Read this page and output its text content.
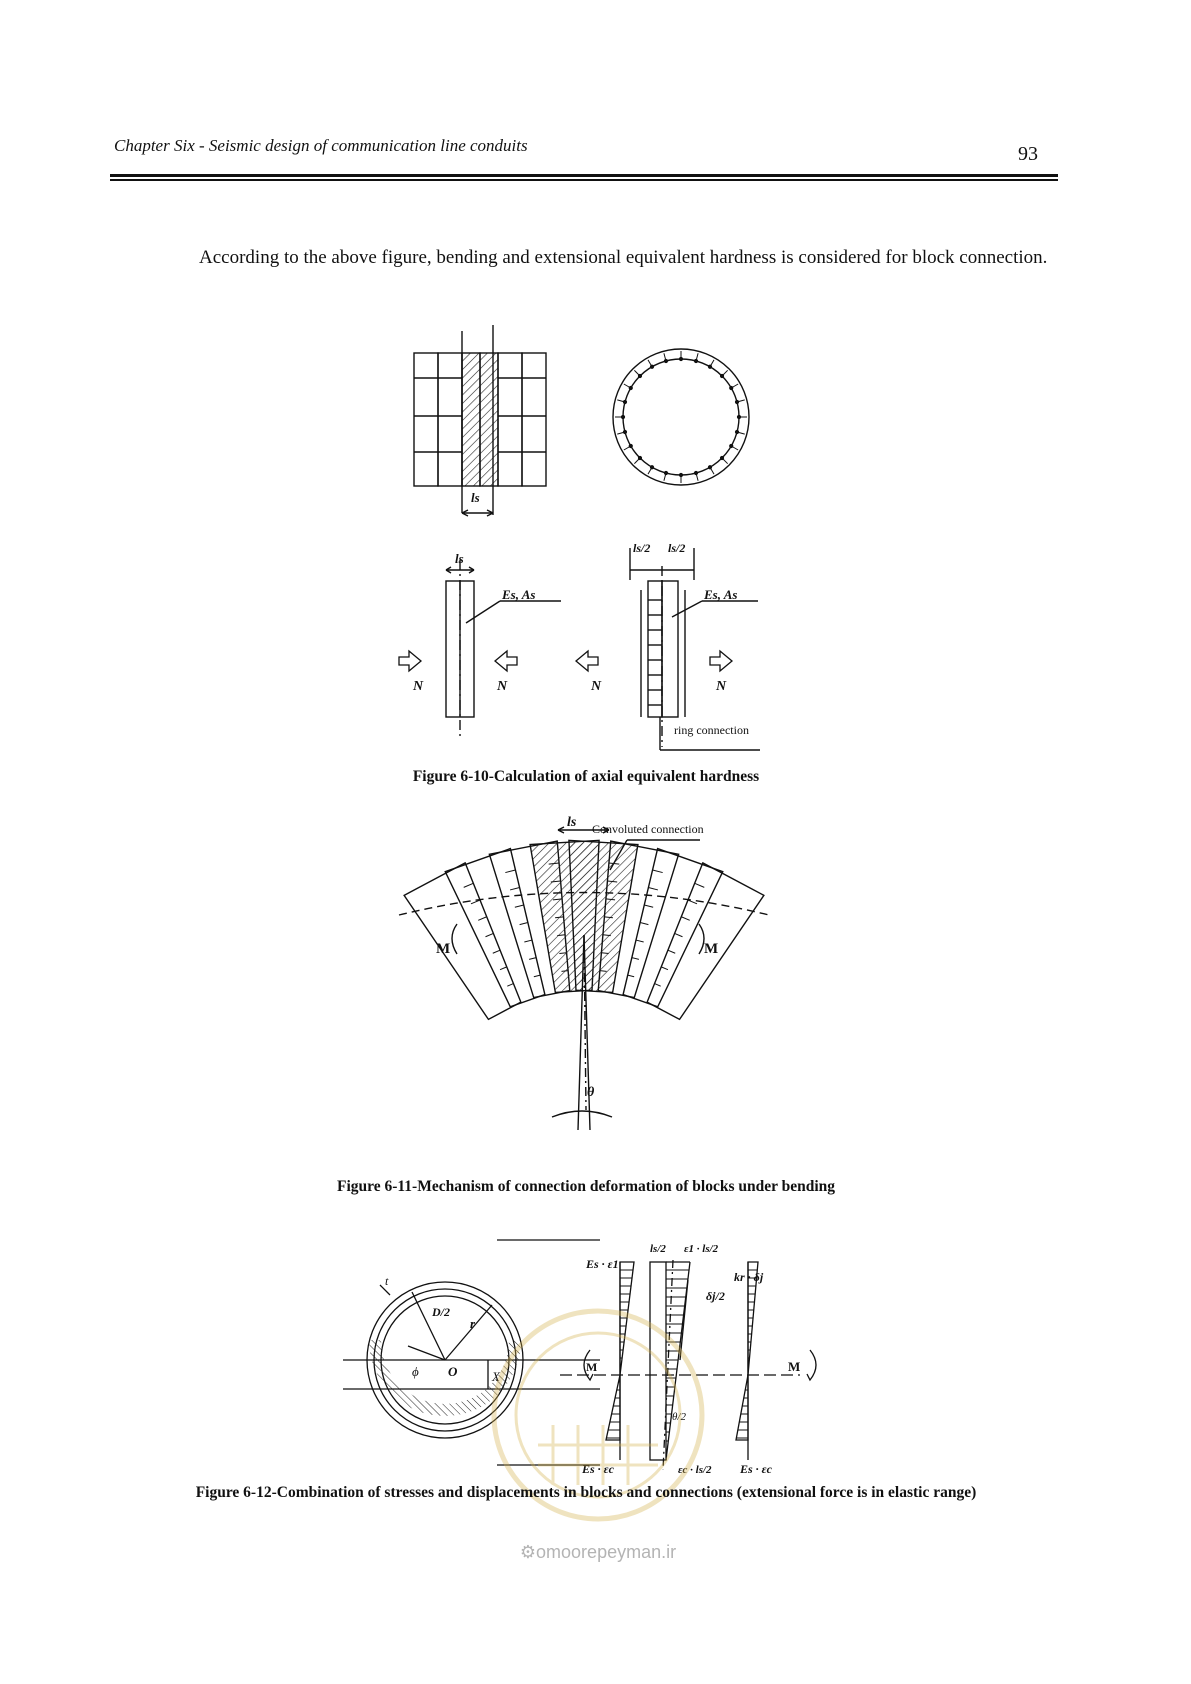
Chapter Six - Seismic design of communication line conduits	93
According to the above figure, bending and extensional equivalent hardness is considered for block connection.
ls
ls
Es, As
N	N
ls/2 ls/2
Es, As
N	N
ring connection
Figure 6-10-Calculation of axial equivalent hardness
ls Convoluted connection
M	M
θ
Figure 6-11-Mechanism of connection deformation of blocks under bending
t
D/2
r
ϕ O	X
M	M
Es · ε1
Es · εc
ls/2 ε1 · ls/2
δj/2
kr · δj
θ/2
εc · ls/2 Es · εc
Figure 6-12-Combination of stresses and displacements in blocks and connections (extensional force is in elastic range)
⚙omoorepeyman.ir
